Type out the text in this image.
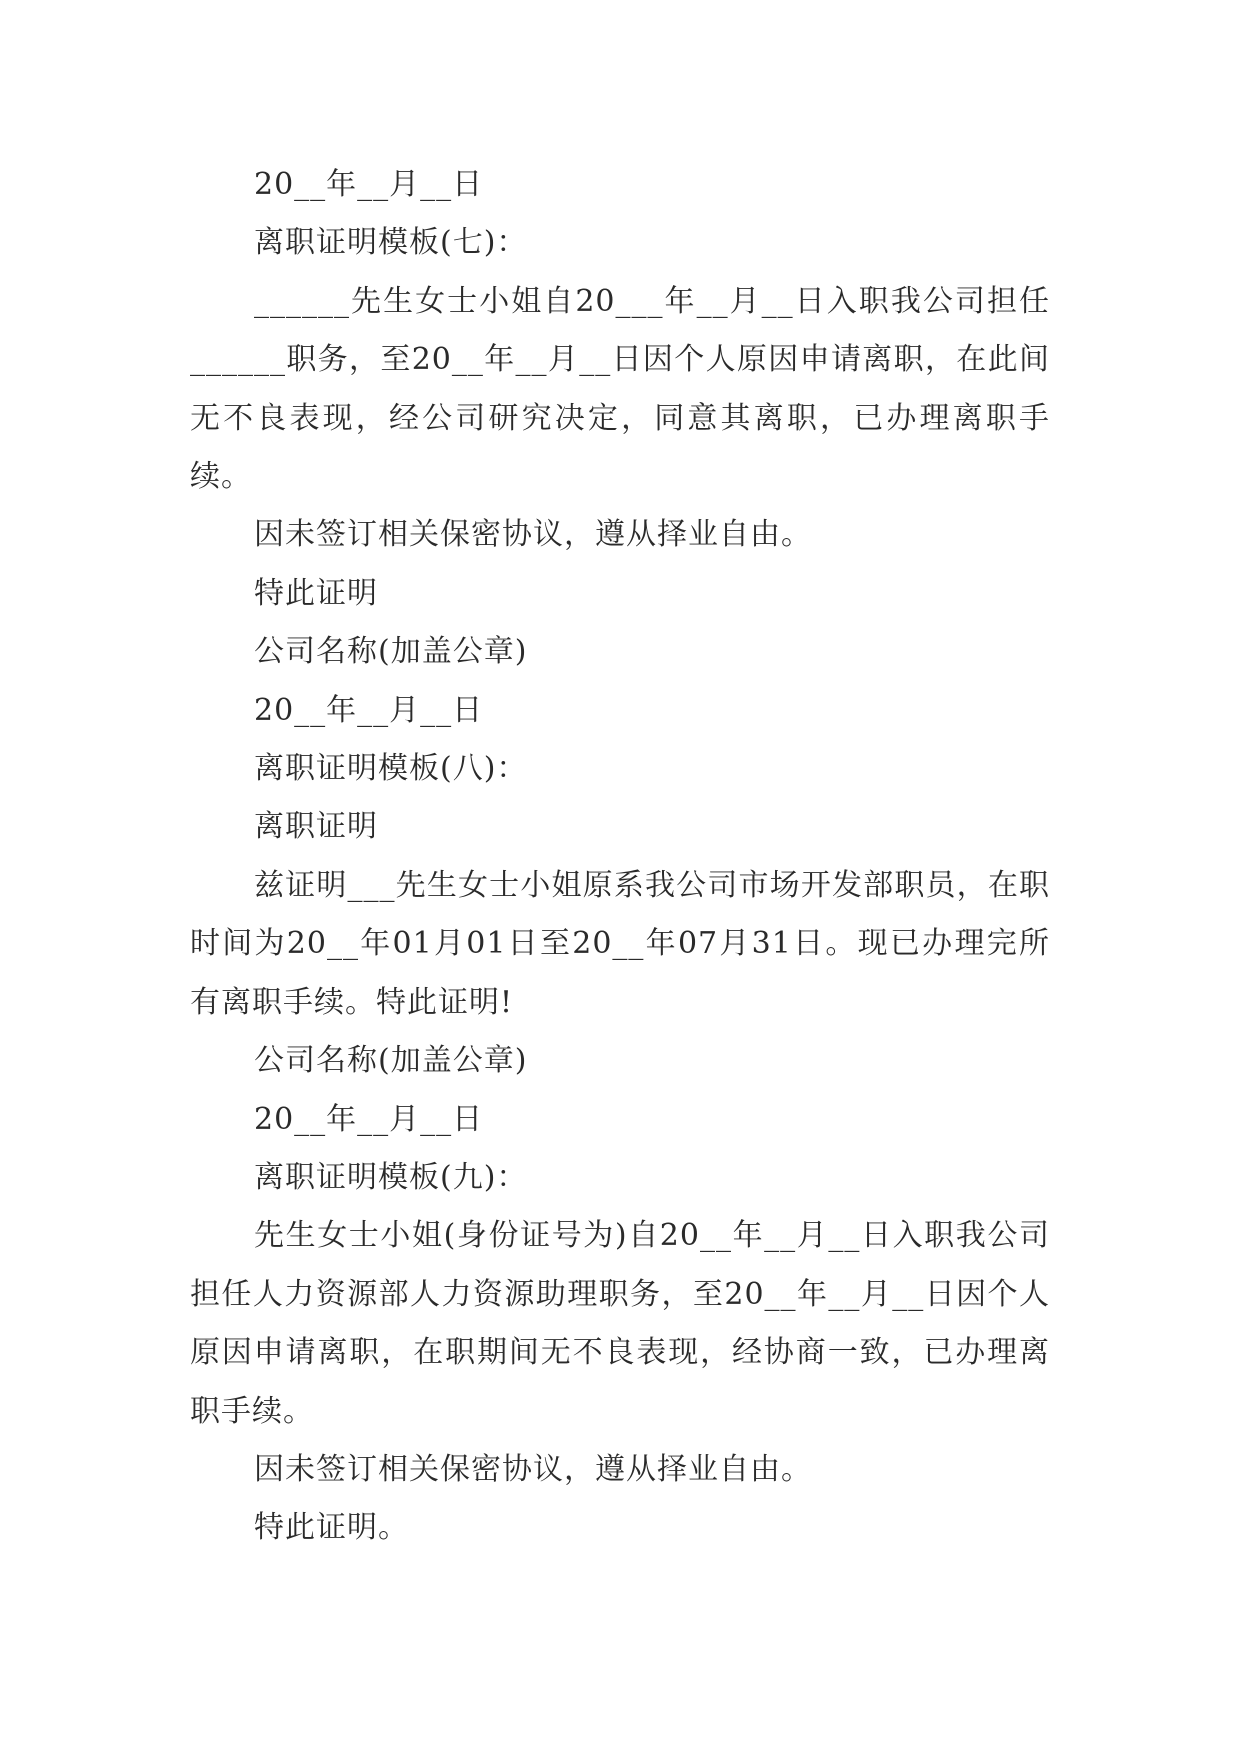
20__年__月__日

离职证明模板(七)：

______先生女士小姐自20___年__月__日入职我公司担任______职务，至20__年__月__日因个人原因申请离职，在此间无不良表现，经公司研究决定，同意其离职，已办理离职手续。

因未签订相关保密协议，遵从择业自由。

特此证明

公司名称(加盖公章)

20__年__月__日

离职证明模板(八)：

离职证明

兹证明___先生女士小姐原系我公司市场开发部职员，在职时间为20__年01月01日至20__年07月31日。现已办理完所有离职手续。特此证明!

公司名称(加盖公章)

20__年__月__日

离职证明模板(九)：

先生女士小姐(身份证号为)自20__年__月__日入职我公司担任人力资源部人力资源助理职务，至20__年__月__日因个人原因申请离职，在职期间无不良表现，经协商一致，已办理离职手续。

因未签订相关保密协议，遵从择业自由。

特此证明。
